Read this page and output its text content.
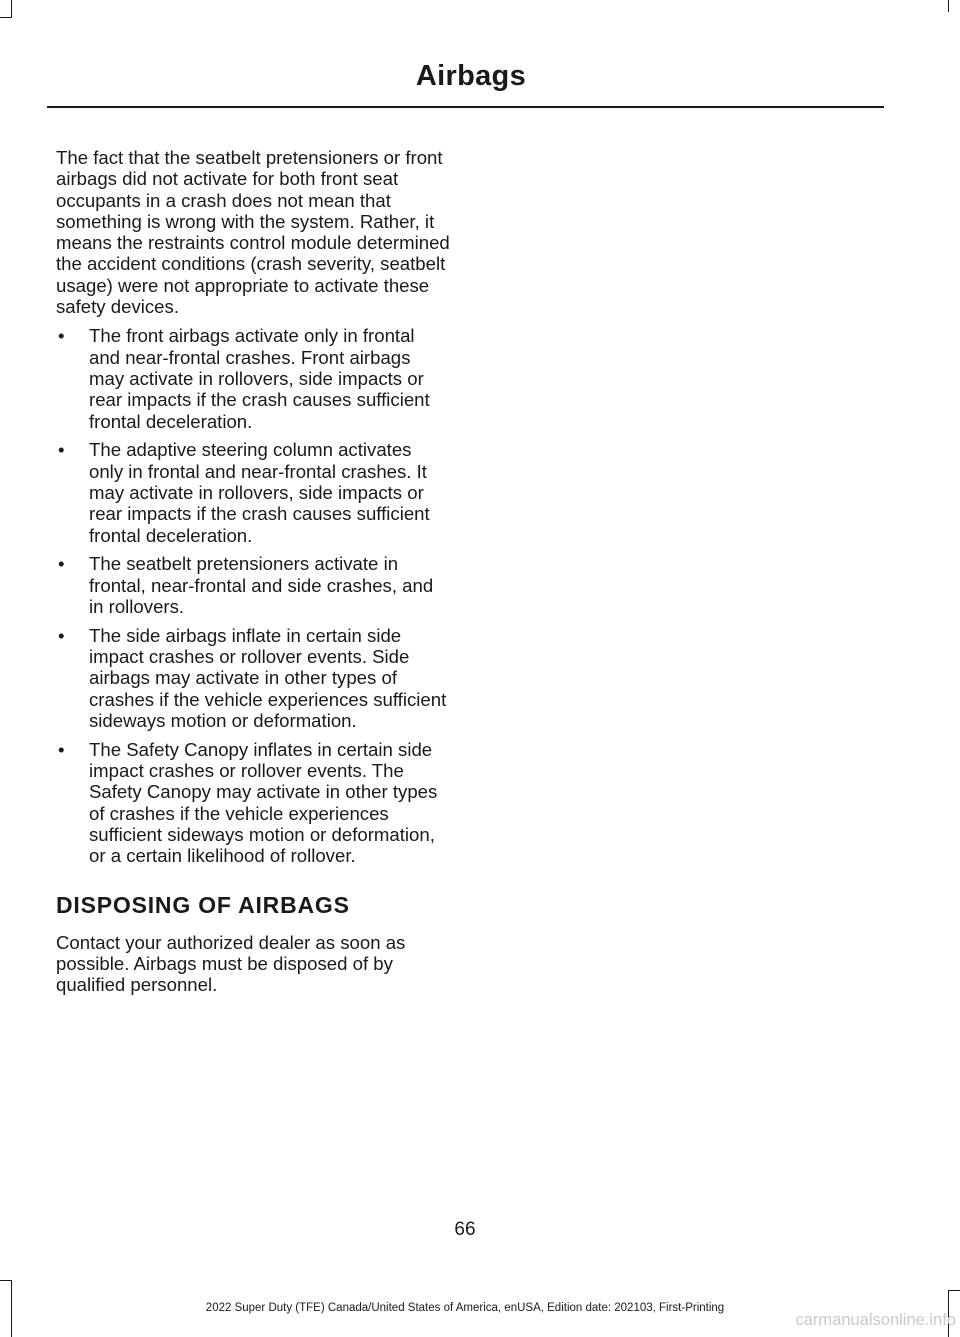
Airbags

The fact that the seatbelt pretensioners or front airbags did not activate for both front seat occupants in a crash does not mean that something is wrong with the system. Rather, it means the restraints control module determined the accident conditions (crash severity, seatbelt usage) were not appropriate to activate these safety devices.

• The front airbags activate only in frontal and near-frontal crashes. Front airbags may activate in rollovers, side impacts or rear impacts if the crash causes sufficient frontal deceleration.
• The adaptive steering column activates only in frontal and near-frontal crashes. It may activate in rollovers, side impacts or rear impacts if the crash causes sufficient frontal deceleration.
• The seatbelt pretensioners activate in frontal, near-frontal and side crashes, and in rollovers.
• The side airbags inflate in certain side impact crashes or rollover events. Side airbags may activate in other types of crashes if the vehicle experiences sufficient sideways motion or deformation.
• The Safety Canopy inflates in certain side impact crashes or rollover events. The Safety Canopy may activate in other types of crashes if the vehicle experiences sufficient sideways motion or deformation, or a certain likelihood of rollover.
DISPOSING OF AIRBAGS

Contact your authorized dealer as soon as possible. Airbags must be disposed of by qualified personnel.

66
2022 Super Duty (TFE) Canada/United States of America, enUSA, Edition date: 202103, First-Printing
carmanualsonline.info
